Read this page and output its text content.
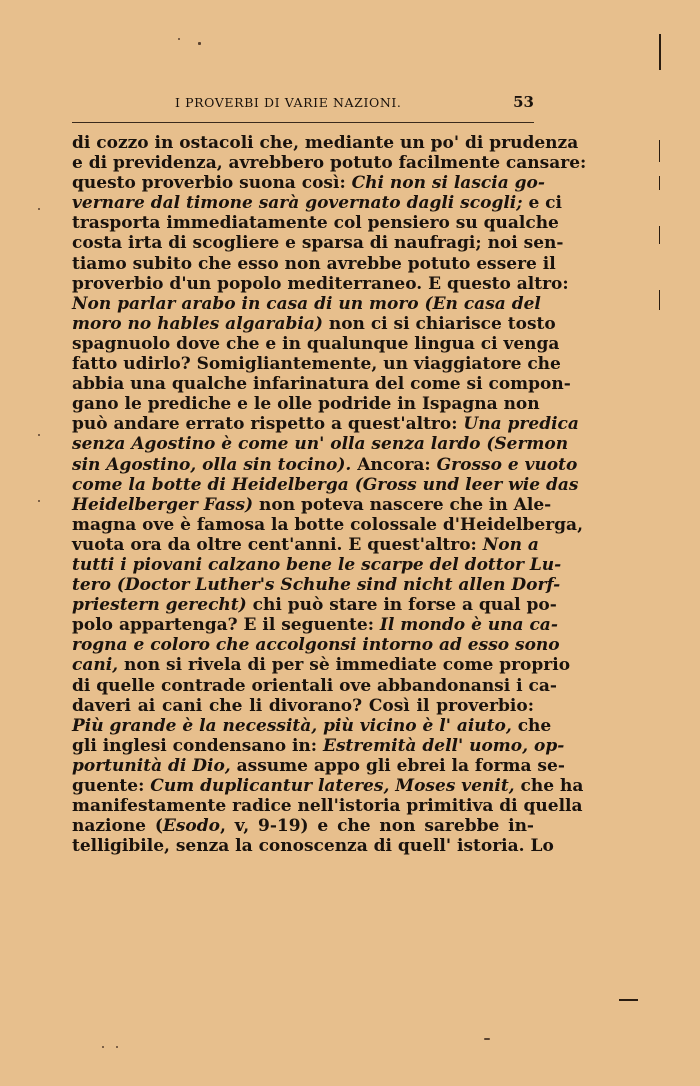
I PROVERBI DI VARIE NAZIONI.	53
di cozzo in ostacoli che, mediante un po' di prudenza
e di previdenza, avrebbero potuto facilmente cansare:
questo proverbio suona così: Chi non si lascia go-
vernare dal timone sarà governato dagli scogli; e ci
trasporta immediatamente col pensiero su qualche
costa irta di scogliere e sparsa di naufragi; noi sen-
tiamo subito che esso non avrebbe potuto essere il
proverbio d'un popolo mediterraneo. E questo altro:
Non parlar arabo in casa di un moro (En casa del
moro no hables algarabia) non ci si chiarisce tosto
spagnuolo dove che e in qualunque lingua ci venga
fatto udirlo? Somigliantemente, un viaggiatore che
abbia una qualche infarinatura del come si compon-
gano le prediche e le olle podride in Ispagna non
può andare errato rispetto a quest'altro: Una predica
senza Agostino è come un' olla senza lardo (Sermon
sin Agostino, olla sin tocino). Ancora: Grosso e vuoto
come la botte di Heidelberga (Gross und leer wie das
Heidelberger Fass) non poteva nascere che in Ale-
magna ove è famosa la botte colossale d'Heidelberga,
vuota ora da oltre cent'anni. E quest'altro: Non a
tutti i piovani calzano bene le scarpe del dottor Lu-
tero (Doctor Luther's Schuhe sind nicht allen Dorf-
priestern gerecht) chi può stare in forse a qual po-
polo appartenga? E il seguente: Il mondo è una ca-
rogna e coloro che accolgonsi intorno ad esso sono
cani, non si rivela di per sè immediate come proprio
di quelle contrade orientali ove abbandonansi i ca-
daveri ai cani che li divorano? Così il proverbio:
Più grande è la necessità, più vicino è l' aiuto, che
gli inglesi condensano in: Estremità dell' uomo, op-
portunità di Dio, assume appo gli ebrei la forma se-
guente: Cum duplicantur lateres, Moses venit, che ha
manifestamente radice nell'istoria primitiva di quella
nazione (Esodo, v, 9-19) e che non sarebbe in-
telligibile, senza la conoscenza di quell' istoria. Lo
